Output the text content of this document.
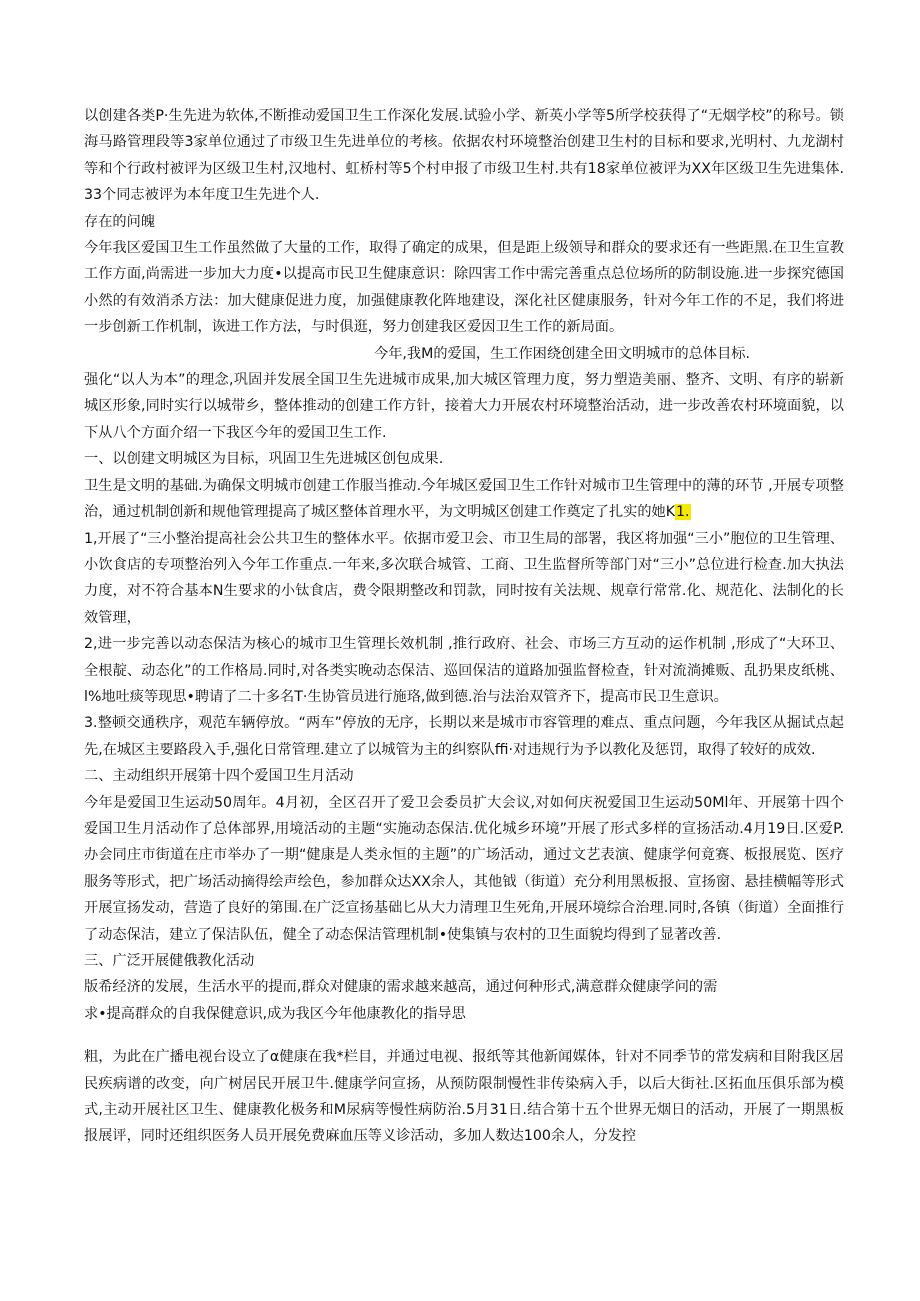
以创建各类P·生先进为软体,不断推动爱国卫生工作深化发展.试验小学、新英小学等5所学校获得了“无烟学校”的称号。锁海马路管理段等3家单位通过了市级卫生先进单位的考核。依据农村环境整治创建卫生村的目标和要求,光明村、九龙湖村等和个行政村被评为区级卫生村,汉地村、虹桥村等5个村申报了市级卫生村.共有18家单位被评为XX年区级卫生先进集体.33个同志被评为本年度卫生先进个人.

存在的问魄

今年我区爱国卫生工作虽然做了大量的工作，取得了确定的成果，但是距上级领导和群众的要求还有一些距黑.在卫生宣教工作方面,尚需进一步加大力度•以提高市民卫生健康意识：除四害工作中需完善重点总位场所的防制设施.进一步探究德国小然的有效消杀方法：加大健康促进力度，加强健康教化阵地建设，深化社区健康服务，针对今年工作的不足，我们将进一步创新工作机制，诙进工作方法，与时俱逛，努力创建我区爱因卫生工作的新局面。

今年,我M的爱国，生工作困绕创建全田文明城市的总体目标.

强化“以人为本”的理念,巩固并发展全国卫生先进城市成果,加大城区管理力度，努力塑造美丽、整齐、文明、有序的崭新城区形象,同时实行以城带乡，整体推动的创建工作方针，接着大力开展农村环境整治活动，进一步改善农村环境面貌，以下从八个方面介绍一下我区今年的爱国卫生工作.

一、以创建文明城区为目标，巩固卫生先进城区创包成果.

卫生是文明的基础.为确保文明城市创建工作服当推动.今年城区爱国卫生工作针对城市卫生管理中的薄的环节 ,开展专项整治，通过机制创新和规他管理提高了城区整体首理水平，为文明城区创建工作奠定了扎实的她K1.

1,开展了“三小整治提高社会公共卫生的整体水平。依据市爱卫会、市卫生局的部署，我区将加强“三小”胞位的卫生管理、小饮食店的专项整治列入今年工作重点.一年来,多次联合城管、工商、卫生监督所等部门对“三小”总位进行检查.加大执法力度，对不符合基本N生要求的小钛食店，费令限期整改和罚款，同时按有关法规、规章行常常.化、规范化、法制化的长效管理，

2,进一步完善以动态保洁为核心的城市卫生管理长效机制 ,推行政府、社会、市场三方互动的运作机制 ,形成了“大环卫、全根靛、动态化”的工作格局.同时,对各类实晚动态保洁、巡回保洁的道路加强监督检查，针对流淌摊贩、乱扔果皮纸桃、l%地吐痰等现思•聘请了二十多名T·生协管员进行施珞,做到德.治与法治双管齐下，提高市民卫生意识。

3.整顿交通秩序，观范车辆停放。“两车”停放的无序，长期以来是城市市容管理的难点、重点问题，今年我区从掘试点起先,在城区主要路段入手,强化日常管理.建立了以城管为主的纠察队ffi·对违规行为予以教化及惩罚，取得了较好的成效.

二、主动组织开展第十四个爱国卫生月活动

今年是爱国卫生运动50周年。4月初，全区召开了爱卫会委员扩大会议,对如何庆祝爱国卫生运动50Ml年、开展第十四个爱国卫生月活动作了总体部界,用境活动的主题“实施动态保洁.优化城乡环境”开展了形式多样的宣扬活动.4月19日.区爱P.办会同庄市街道在庄市举办了一期“健康是人类永恒的主题”的广场活动，通过文艺表演、健康学何竟赛、板报展览、医疗服务等形式，把广场活动摘得绘声绘色，参加群众达XX余人，其他钺（街道）充分利用黑板报、宣扬窗、悬挂横幅等形式开展宣扬发动，营造了良好的第围.在广泛宣扬基础匕从大力清理卫生死角,开展环境综合治理.同时,各镇（街道）全面推行了动态保洁，建立了保洁队伍，健全了动态保洁管理机制•使集镇与农村的卫生面貌均得到了显著改善.

三、广泛开展健俄教化活动

版希经济的发展，生活水平的提而,群众对健康的需求越来越高，通过何种形式,满意群众健康学问的需

求•提高群众的自我保健意识,成为我区今年他康教化的指导思

粗，为此在广播电视台设立了α健康在我*栏目，并通过电视、报纸等其他新闻媒体，针对不同季节的常发病和目附我区居民疾病谱的改变，向广树居民开展卫牛.健康学问宣扬，从预防限制慢性非传染病入手，以后大街社.区拓血压俱乐部为模式,主动开展社区卫生、健康教化极务和M尿病等慢性病防治.5月31日.结合第十五个世界无烟日的活动，开展了一期黑板报展评，同时还组织医务人员开展免费麻血压等义诊活动，多加人数达100余人，分发控
